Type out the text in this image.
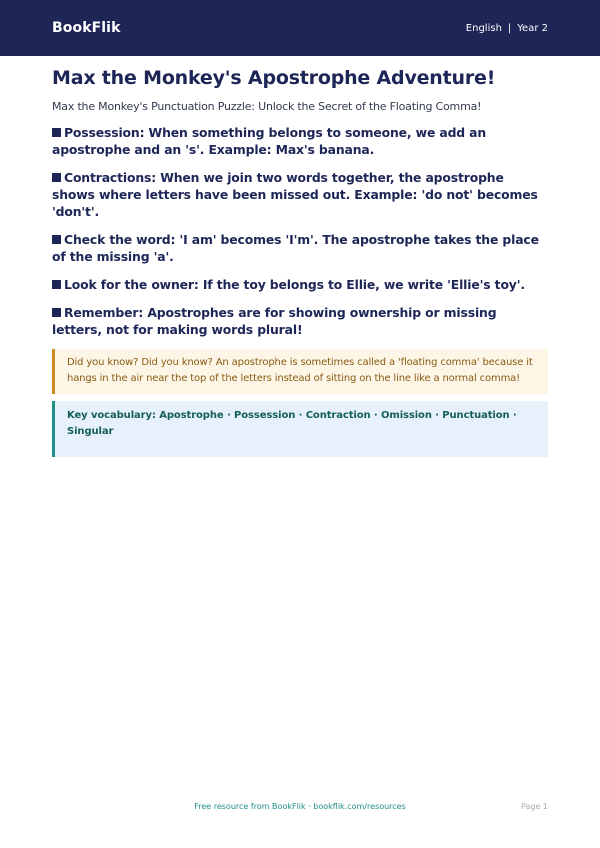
BookFlik	English | Year 2
Max the Monkey's Apostrophe Adventure!
Max the Monkey's Punctuation Puzzle: Unlock the Secret of the Floating Comma!
Possession: When something belongs to someone, we add an apostrophe and an 's'. Example: Max's banana.
Contractions: When we join two words together, the apostrophe shows where letters have been missed out. Example: 'do not' becomes 'don't'.
Check the word: 'I am' becomes 'I'm'. The apostrophe takes the place of the missing 'a'.
Look for the owner: If the toy belongs to Ellie, we write 'Ellie's toy'.
Remember: Apostrophes are for showing ownership or missing letters, not for making words plural!
Did you know? Did you know? An apostrophe is sometimes called a 'floating comma' because it hangs in the air near the top of the letters instead of sitting on the line like a normal comma!
Key vocabulary: Apostrophe · Possession · Contraction · Omission · Punctuation · Singular
Free resource from BookFlik · bookflik.com/resources	Page 1
